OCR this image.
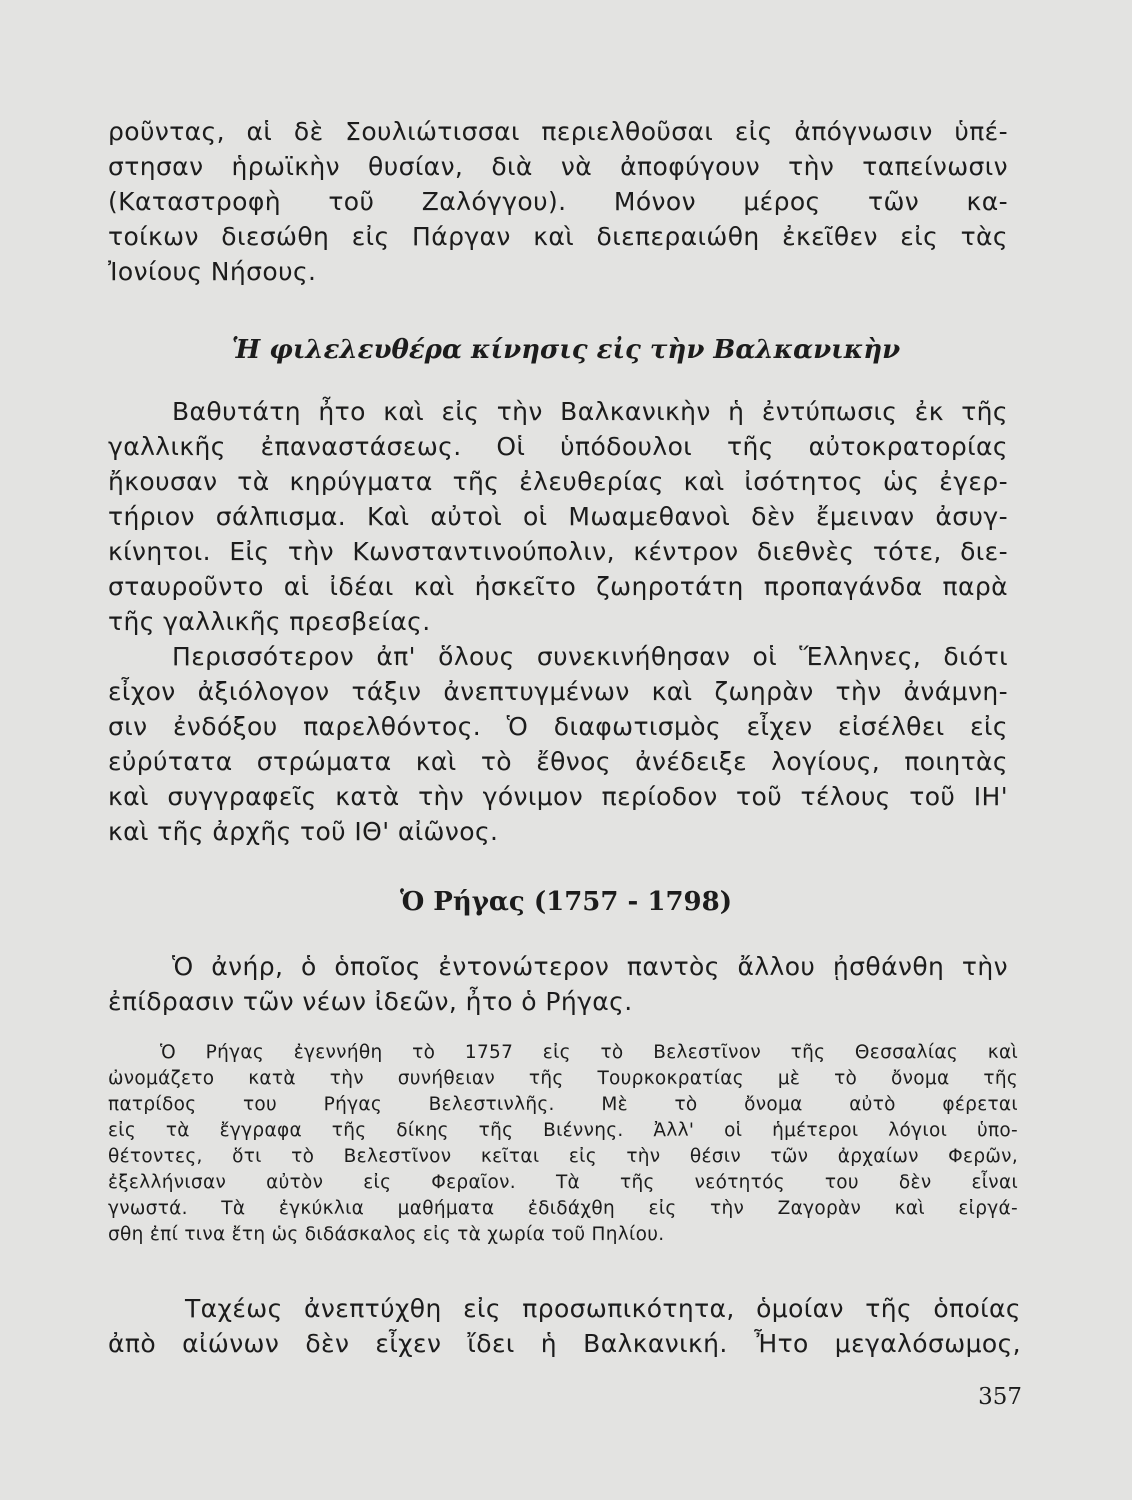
ροῦντας, αἱ δὲ Σουλιώτισσαι περιελθοῦσαι εἰς ἀπόγνωσιν ὑπέ-
στησαν ἡρωϊκὴν θυσίαν, διὰ νὰ ἀποφύγουν τὴν ταπείνωσιν
(Καταστροφὴ τοῦ Ζαλόγγου). Μόνον μέρος τῶν κα-
τοίκων διεσώθη εἰς Πάργαν καὶ διεπεραιώθη ἐκεῖθεν εἰς τὰς
Ἰονίους Νήσους.
Ἡ φιλελευθέρα κίνησις εἰς τὴν Βαλκανικὴν
Βαθυτάτη ἦτο καὶ εἰς τὴν Βαλκανικὴν ἡ ἐντύπωσις ἐκ τῆς
γαλλικῆς ἐπαναστάσεως. Οἱ ὑπόδουλοι τῆς αὐτοκρατορίας
ἤκουσαν τὰ κηρύγματα τῆς ἐλευθερίας καὶ ἰσότητος ὡς ἐγερ-
τήριον σάλπισμα. Καὶ αὐτοὶ οἱ Μωαμεθανοὶ δὲν ἔμειναν ἀσυγ-
κίνητοι. Εἰς τὴν Κωνσταντινούπολιν, κέντρον διεθνὲς τότε, διε-
σταυροῦντο αἱ ἰδέαι καὶ ἠσκεῖτο ζωηροτάτη προπαγάνδα παρὰ
τῆς γαλλικῆς πρεσβείας.
Περισσότερον ἀπ' ὅλους συνεκινήθησαν οἱ Ἕλληνες, διότι
εἶχον ἀξιόλογον τάξιν ἀνεπτυγμένων καὶ ζωηρὰν τὴν ἀνάμνη-
σιν ἐνδόξου παρελθόντος. Ὁ διαφωτισμὸς εἶχεν εἰσέλθει εἰς
εὐρύτατα στρώματα καὶ τὸ ἔθνος ἀνέδειξε λογίους, ποιητὰς
καὶ συγγραφεῖς κατὰ τὴν γόνιμον περίοδον τοῦ τέλους τοῦ ΙΗ'
καὶ τῆς ἀρχῆς τοῦ ΙΘ' αἰῶνος.
Ὁ Ρήγας (1757 - 1798)
Ὁ ἀνήρ, ὁ ὁποῖος ἐντονώτερον παντὸς ἄλλου ᾐσθάνθη τὴν
ἐπίδρασιν τῶν νέων ἰδεῶν, ἦτο ὁ Ρήγας.
Ὁ Ρήγας ἐγεννήθη τὸ 1757 εἰς τὸ Βελεστῖνον τῆς Θεσσαλίας καὶ
ὠνομάζετο κατὰ τὴν συνήθειαν τῆς Τουρκοκρατίας μὲ τὸ ὄνομα τῆς
πατρίδος του Ρήγας Βελεστινλῆς. Μὲ τὸ ὄνομα αὐτὸ φέρεται
εἰς τὰ ἔγγραφα τῆς δίκης τῆς Βιέννης. Ἀλλ' οἱ ἡμέτεροι λόγιοι ὑπο-
θέτοντες, ὅτι τὸ Βελεστῖνον κεῖται εἰς τὴν θέσιν τῶν ἀρχαίων Φερῶν,
ἐξελλήνισαν αὐτὸν εἰς Φεραῖον. Τὰ τῆς νεότητός του δὲν εἶναι
γνωστά. Τὰ ἐγκύκλια μαθήματα ἐδιδάχθη εἰς τὴν Ζαγορὰν καὶ εἰργά-
σθη ἐπί τινα ἔτη ὡς διδάσκαλος εἰς τὰ χωρία τοῦ Πηλίου.
Ταχέως ἀνεπτύχθη εἰς προσωπικότητα, ὁμοίαν τῆς ὁποίας
ἀπὸ αἰώνων δὲν εἶχεν ἴδει ἡ Βαλκανική. Ἦτο μεγαλόσωμος,
357
